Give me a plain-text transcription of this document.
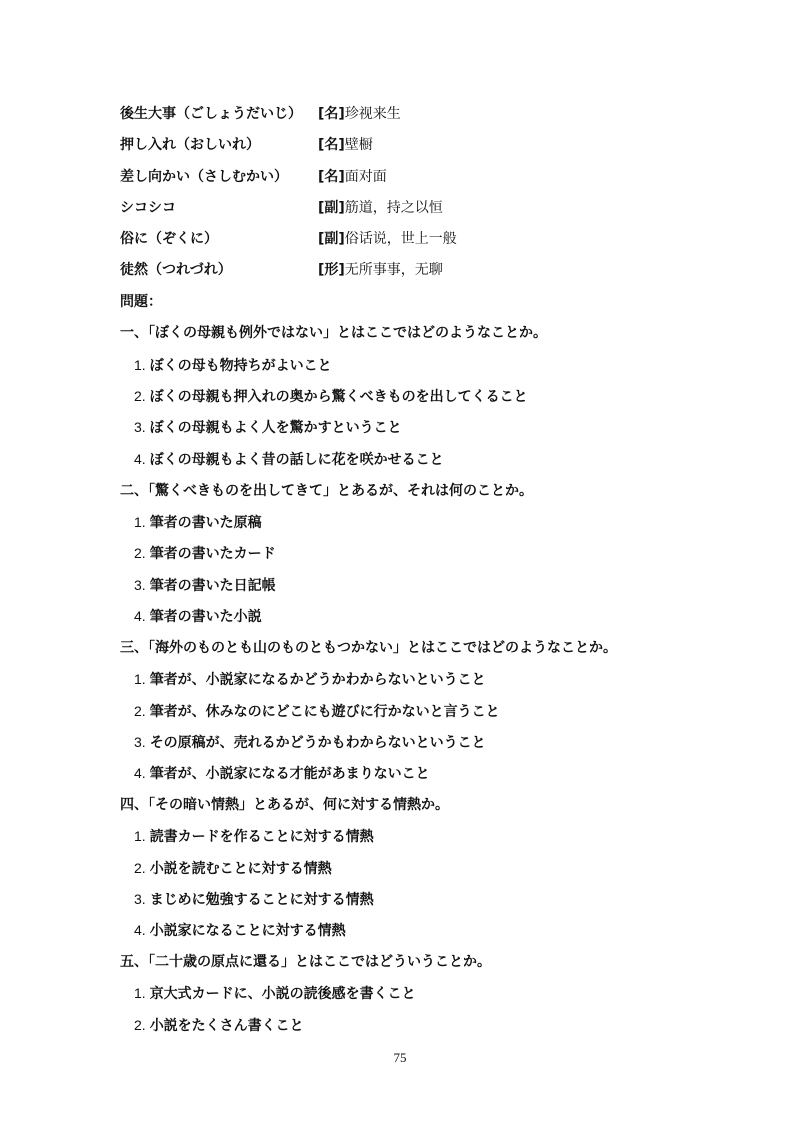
後生大事（ごしょうだいじ） [名]珍视来生
押し入れ（おしいれ）	[名]壁橱
差し向かい（さしむかい） [名]面对面
シコシコ	[副]筋道，持之以恒
俗に（ぞくに）	[副]俗话说，世上一般
徒然（つれづれ）	[形]无所事事，无聊
問題：
一、「ぼくの母親も例外ではない」とはここではどのようなことか。
1. ぼくの母も物持ちがよいこと
2. ぼくの母親も押入れの奥から驚くべきものを出してくること
3. ぼくの母親もよく人を驚かすということ
4. ぼくの母親もよく昔の話しに花を咲かせること
二、「驚くべきものを出してきて」とあるが、それは何のことか。
1. 筆者の書いた原稿
2. 筆者の書いたカード
3. 筆者の書いた日記帳
4. 筆者の書いた小説
三、「海外のものとも山のものともつかない」とはここではどのようなことか。
1. 筆者が、小説家になるかどうかわからないということ
2. 筆者が、休みなのにどこにも遊びに行かないと言うこと
3. その原稿が、売れるかどうかもわからないということ
4. 筆者が、小説家になる才能があまりないこと
四、「その暗い情熱」とあるが、何に対する情熱か。
1. 読書カードを作ることに対する情熱
2. 小説を読むことに対する情熱
3. まじめに勉強することに対する情熱
4. 小説家になることに対する情熱
五、「二十歳の原点に還る」とはここではどういうことか。
1. 京大式カードに、小説の読後感を書くこと
2. 小説をたくさん書くこと
75
